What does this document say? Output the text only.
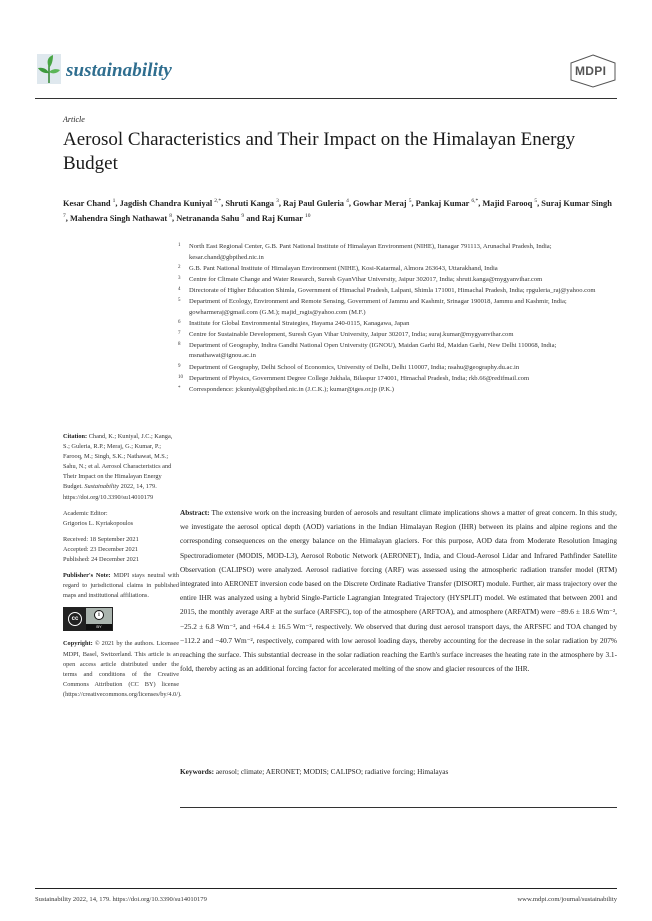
sustainability	MDPI
Article
Aerosol Characteristics and Their Impact on the Himalayan Energy Budget
Kesar Chand $^1$, Jagdish Chandra Kuniyal $^{2,*}$, Shruti Kanga $^3$, Raj Paul Guleria $^4$, Gowhar Meraj $^5$, Pankaj Kumar $^{6,*}$, Majid Farooq $^5$, Suraj Kumar Singh $^7$, Mahendra Singh Nathawat $^8$, Netrananda Sahu $^9$ and Raj Kumar $^{10}$
1 North East Regional Center, G.B. Pant National Institute of Himalayan Environment (NIHE), Itanagar 791113, Arunachal Pradesh, India; kesar.chand@gbpihed.nic.in
2 G.B. Pant National Institute of Himalayan Environment (NIHE), Kosi-Katarmal, Almora 263643, Uttarakhand, India
3 Centre for Climate Change and Water Research, Suresh GyanVihar University, Jaipur 302017, India; shruti.kanga@mygyanvihar.com
4 Directorate of Higher Education Shimla, Government of Himachal Pradesh, Lalpani, Shimla 171001, Himachal Pradesh, India; rpguleria_raj@yahoo.com
5 Department of Ecology, Environment and Remote Sensing, Government of Jammu and Kashmir, Srinagar 190018, Jammu and Kashmir, India; gowharmeraj@gmail.com (G.M.); majid_rsgis@yahoo.com (M.F.)
6 Institute for Global Environmental Strategies, Hayama 240-0115, Kanagawa, Japan
7 Centre for Sustainable Development, Suresh Gyan Vihar University, Jaipur 302017, India; suraj.kumar@mygyanvihar.com
8 Department of Geography, Indira Gandhi National Open University (IGNOU), Maidan Garhi Rd, Maidan Garhi, New Delhi 110068, India; msnathawat@ignou.ac.in
9 Department of Geography, Delhi School of Economics, University of Delhi, Delhi 110007, India; nsahu@geography.du.ac.in
10 Department of Physics, Government Degree College Jukhala, Bilaspur 174001, Himachal Pradesh, India; rkb.66@redifmail.com
* Correspondence: jckuniyal@gbpihed.nic.in (J.C.K.); kumar@iges.or.jp (P.K.)
Citation: Chand, K.; Kuniyal, J.C.; Kanga, S.; Guleria, R.P.; Meraj, G.; Kumar, P.; Farooq, M.; Singh, S.K.; Nathawat, M.S.; Sahu, N.; et al. Aerosol Characteristics and Their Impact on the Himalayan Energy Budget. Sustainability 2022, 14, 179. https://doi.org/10.3390/su14010179
Academic Editor:
Grigorios L. Kyriakopoulos
Received: 18 September 2021
Accepted: 23 December 2021
Published: 24 December 2021
Publisher's Note: MDPI stays neutral with regard to jurisdictional claims in published maps and institutional affiliations.
cc
i
BY
Copyright: © 2021 by the authors. Licensee MDPI, Basel, Switzerland. This article is an open access article distributed under the terms and conditions of the Creative Commons Attribution (CC BY) license (https://creativecommons.org/licenses/by/4.0/).
Abstract: The extensive work on the increasing burden of aerosols and resultant climate implications shows a matter of great concern. In this study, we investigate the aerosol optical depth (AOD) variations in the Indian Himalayan Region (IHR) between its plains and alpine regions and the corresponding consequences on the energy balance on the Himalayan glaciers. For this purpose, AOD data from Moderate Resolution Imaging Spectroradiometer (MODIS, MOD-L3), Aerosol Robotic Network (AERONET), India, and Cloud-Aerosol Lidar and Infrared Pathfinder Satellite Observation (CALIPSO) were analyzed. Aerosol radiative forcing (ARF) was assessed using the atmospheric radiation transfer model (RTM) integrated into AERONET inversion code based on the Discrete Ordinate Radiative Transfer (DISORT) module. Further, air mass trajectory over the entire IHR was analyzed using a hybrid Single-Particle Lagrangian Integrated Trajectory (HYSPLIT) model. We estimated that between 2001 and 2015, the monthly average ARF at the surface (ARFSFC), top of the atmosphere (ARFTOA), and atmosphere (ARFATM) were −89.6 ± 18.6 Wm⁻², −25.2 ± 6.8 Wm⁻², and +64.4 ± 16.5 Wm⁻², respectively. We observed that during dust aerosol transport days, the ARFSFC and TOA changed by −112.2 and −40.7 Wm⁻², respectively, compared with low aerosol loading days, thereby accounting for the decrease in the solar radiation by 207% reaching the surface. This substantial decrease in the solar radiation reaching the Earth's surface increases the heating rate in the atmosphere by 3.1-fold, thereby acting as an additional forcing factor for accelerated melting of the snow and glacier resources of the IHR.
Keywords: aerosol; climate; AERONET; MODIS; CALIPSO; radiative forcing; Himalayas
Sustainability 2022, 14, 179. https://doi.org/10.3390/su14010179	www.mdpi.com/journal/sustainability
